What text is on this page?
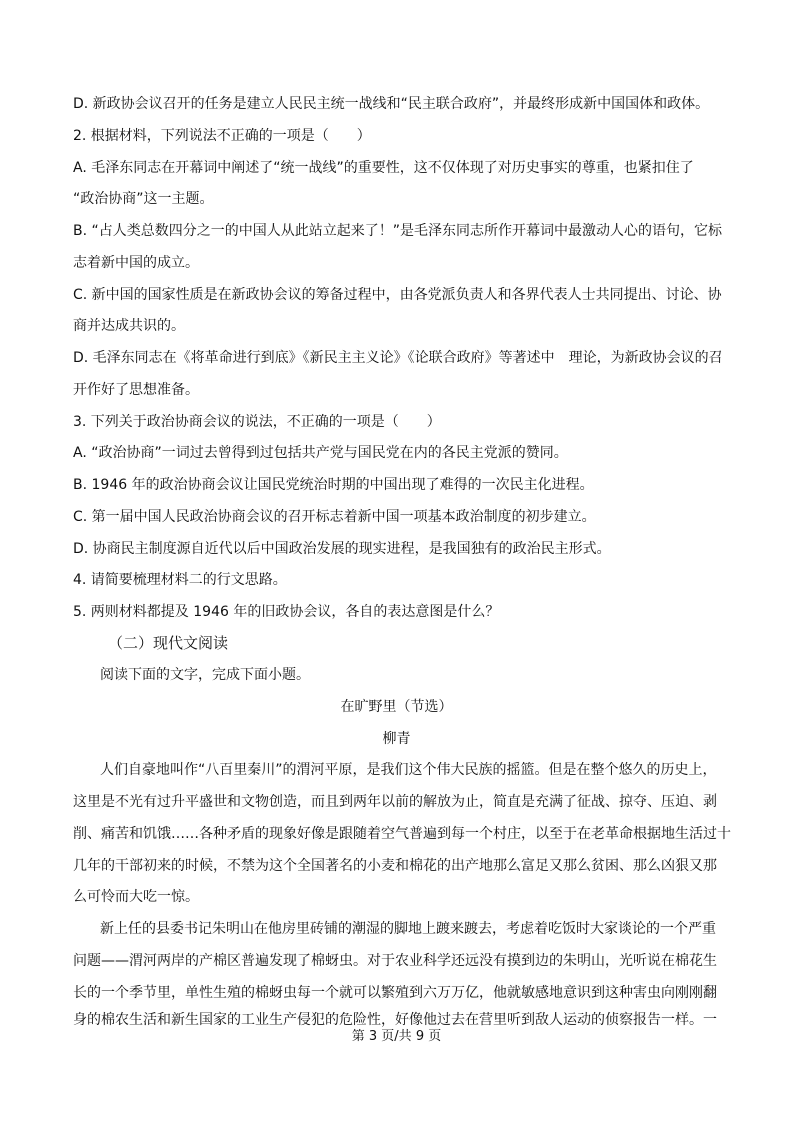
D. 新政协会议召开的任务是建立人民民主统一战线和“民主联合政府”，并最终形成新中国国体和政体。
2. 根据材料，下列说法不正确的一项是（　　）
A. 毛泽东同志在开幕词中阐述了“统一战线”的重要性，这不仅体现了对历史事实的尊重，也紧扣住了
“政治协商”这一主题。
B. “占人类总数四分之一的中国人从此站立起来了！”是毛泽东同志所作开幕词中最激动人心的语句，它标
志着新中国的成立。
C. 新中国的国家性质是在新政协会议的筹备过程中，由各党派负责人和各界代表人士共同提出、讨论、协
商并达成共识的。
D. 毛泽东同志在《将革命进行到底》《新民主主义论》《论联合政府》等著述中　理论，为新政协会议的召
开作好了思想准备。
3. 下列关于政治协商会议的说法，不正确的一项是（　　）
A. “政治协商”一词过去曾得到过包括共产党与国民党在内的各民主党派的赞同。
B. 1946 年的政治协商会议让国民党统治时期的中国出现了难得的一次民主化进程。
C. 第一届中国人民政治协商会议的召开标志着新中国一项基本政治制度的初步建立。
D. 协商民主制度源自近代以后中国政治发展的现实进程，是我国独有的政治民主形式。
4. 请简要梳理材料二的行文思路。
5. 两则材料都提及 1946 年的旧政协会议，各自的表达意图是什么？
（二）现代文阅读
阅读下面的文字，完成下面小题。
在旷野里（节选）
柳青
人们自豪地叫作“八百里秦川”的渭河平原，是我们这个伟大民族的摇篮。但是在整个悠久的历史上，
这里是不光有过升平盛世和文物创造，而且到两年以前的解放为止，简直是充满了征战、掠夺、压迫、剥
削、痛苦和饥饿……各种矛盾的现象好像是跟随着空气普遍到每一个村庄，以至于在老革命根据地生活过十
几年的干部初来的时候，不禁为这个全国著名的小麦和棉花的出产地那么富足又那么贫困、那么凶狠又那
么可怜而大吃一惊。
新上任的县委书记朱明山在他房里砖铺的潮湿的脚地上踱来踱去，考虑着吃饭时大家谈论的一个严重
问题——渭河两岸的产棉区普遍发现了棉蚜虫。对于农业科学还远没有摸到边的朱明山，光听说在棉花生
长的一个季节里，单性生殖的棉蚜虫每一个就可以繁殖到六万万亿，他就敏感地意识到这种害虫向刚刚翻
身的棉农生活和新生国家的工业生产侵犯的危险性，好像他过去在营里听到敌人运动的侦察报告一样。一
第 3 页/共 9 页
